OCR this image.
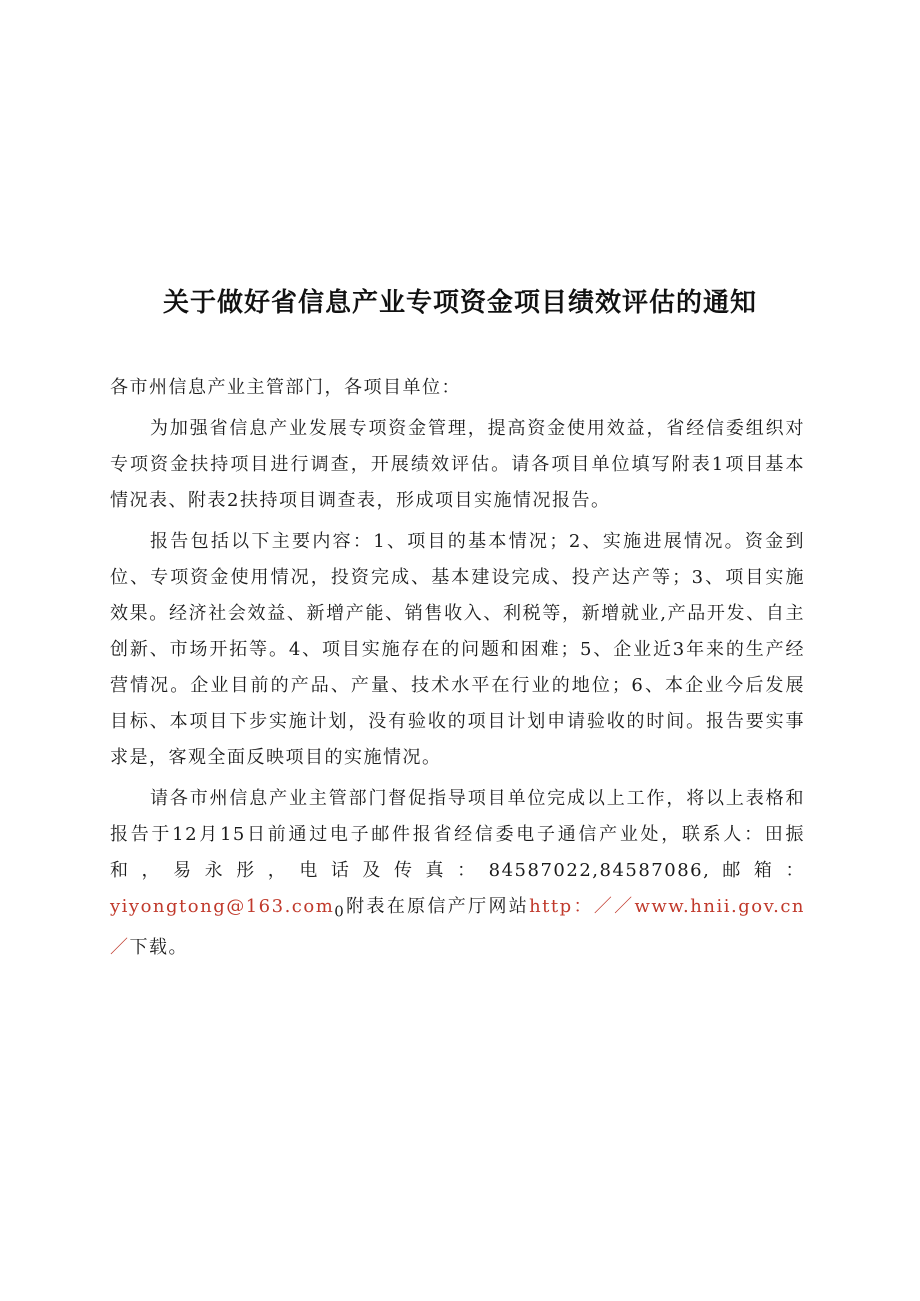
关于做好省信息产业专项资金项目绩效评估的通知

各市州信息产业主管部门，各项目单位：

为加强省信息产业发展专项资金管理，提高资金使用效益，省经信委组织对专项资金扶持项目进行调查，开展绩效评估。请各项目单位填写附表1项目基本情况表、附表2扶持项目调查表，形成项目实施情况报告。

报告包括以下主要内容：1、项目的基本情况；2、实施进展情况。资金到位、专项资金使用情况，投资完成、基本建设完成、投产达产等；3、项目实施效果。经济社会效益、新增产能、销售收入、利税等，新增就业,产品开发、自主创新、市场开拓等。4、项目实施存在的问题和困难；5、企业近3年来的生产经营情况。企业目前的产品、产量、技术水平在行业的地位；6、本企业今后发展目标、本项目下步实施计划，没有验收的项目计划申请验收的时间。报告要实事求是，客观全面反映项目的实施情况。

请各市州信息产业主管部门督促指导项目单位完成以上工作，将以上表格和报告于12月15日前通过电子邮件报省经信委电子通信产业处，联系人：田振和，易永彤，电话及传真：84587022,84587086,邮箱：yiyongtong@163.com$_0$附表在原信产厅网站http：／／www.hnii.gov.cn／下载。
